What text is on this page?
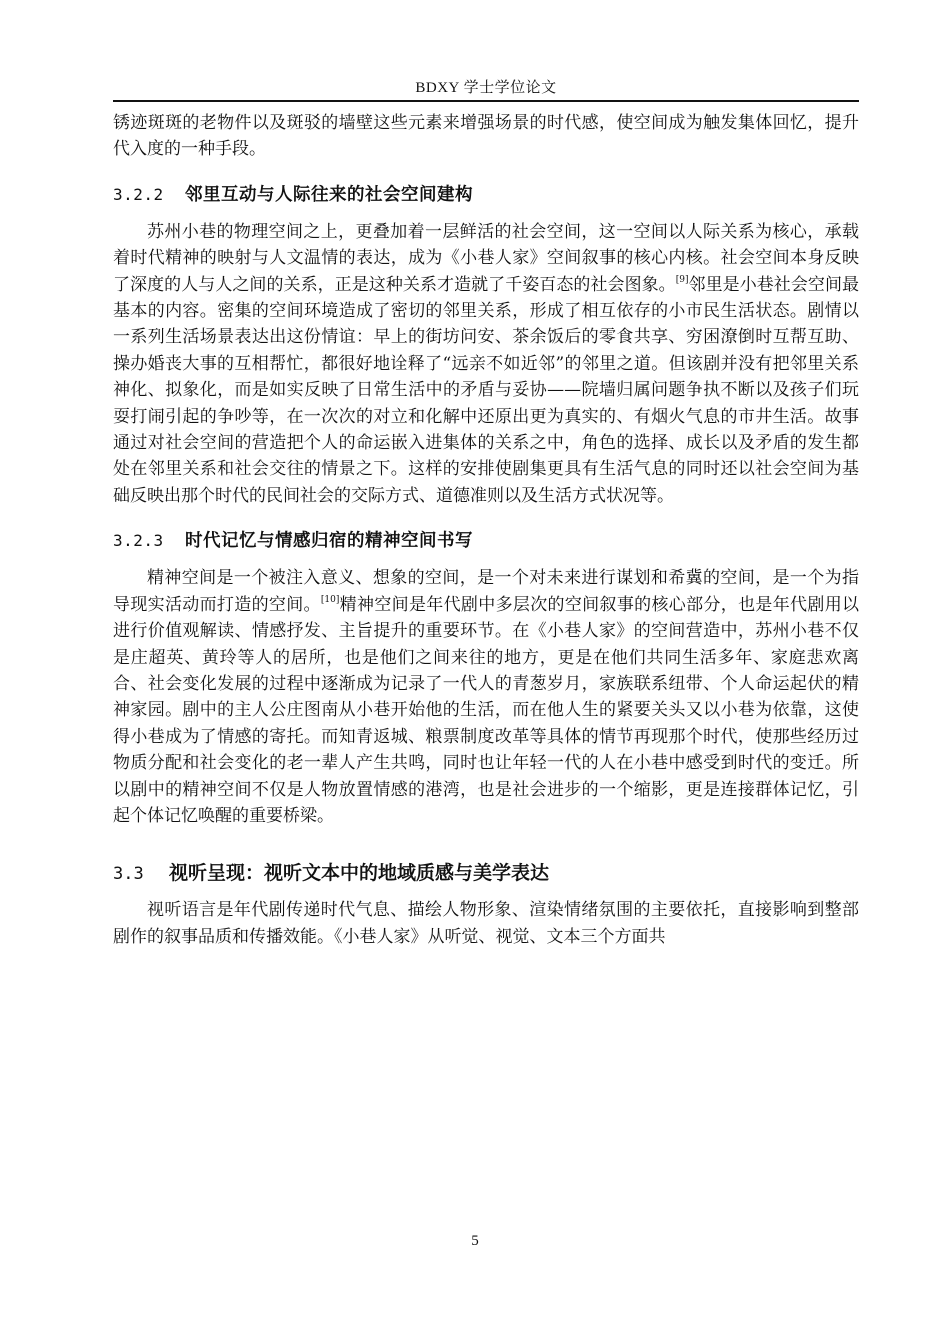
BDXY 学士学位论文

锈迹斑斑的老物件以及斑驳的墙壁这些元素来增强场景的时代感，使空间成为触发集体回忆，提升代入度的一种手段。

3.2.2 邻里互动与人际往来的社会空间建构

苏州小巷的物理空间之上，更叠加着一层鲜活的社会空间，这一空间以人际关系为核心，承载着时代精神的映射与人文温情的表达，成为《小巷人家》空间叙事的核心内核。社会空间本身反映了深度的人与人之间的关系，正是这种关系才造就了千姿百态的社会图象。[9]邻里是小巷社会空间最基本的内容。密集的空间环境造成了密切的邻里关系，形成了相互依存的小市民生活状态。剧情以一系列生活场景表达出这份情谊：早上的街坊问安、茶余饭后的零食共享、穷困潦倒时互帮互助、操办婚丧大事的互相帮忙，都很好地诠释了“远亲不如近邻”的邻里之道。但该剧并没有把邻里关系神化、拟象化，而是如实反映了日常生活中的矛盾与妥协——院墙归属问题争执不断以及孩子们玩耍打闹引起的争吵等，在一次次的对立和化解中还原出更为真实的、有烟火气息的市井生活。故事通过对社会空间的营造把个人的命运嵌入进集体的关系之中，角色的选择、成长以及矛盾的发生都处在邻里关系和社会交往的情景之下。这样的安排使剧集更具有生活气息的同时还以社会空间为基础反映出那个时代的民间社会的交际方式、道德准则以及生活方式状况等。

3.2.3 时代记忆与情感归宿的精神空间书写

精神空间是一个被注入意义、想象的空间，是一个对未来进行谋划和希冀的空间，是一个为指导现实活动而打造的空间。[10]精神空间是年代剧中多层次的空间叙事的核心部分，也是年代剧用以进行价值观解读、情感抒发、主旨提升的重要环节。在《小巷人家》的空间营造中，苏州小巷不仅是庄超英、黄玲等人的居所，也是他们之间来往的地方，更是在他们共同生活多年、家庭悲欢离合、社会变化发展的过程中逐渐成为记录了一代人的青葱岁月，家族联系纽带、个人命运起伏的精神家园。剧中的主人公庄图南从小巷开始他的生活，而在他人生的紧要关头又以小巷为依靠，这使得小巷成为了情感的寄托。而知青返城、粮票制度改革等具体的情节再现那个时代，使那些经历过物质分配和社会变化的老一辈人产生共鸣，同时也让年轻一代的人在小巷中感受到时代的变迁。所以剧中的精神空间不仅是人物放置情感的港湾，也是社会进步的一个缩影，更是连接群体记忆，引起个体记忆唤醒的重要桥梁。

3.3 视听呈现：视听文本中的地域质感与美学表达

视听语言是年代剧传递时代气息、描绘人物形象、渲染情绪氛围的主要依托，直接影响到整部剧作的叙事品质和传播效能。《小巷人家》从听觉、视觉、文本三个方面共

5
